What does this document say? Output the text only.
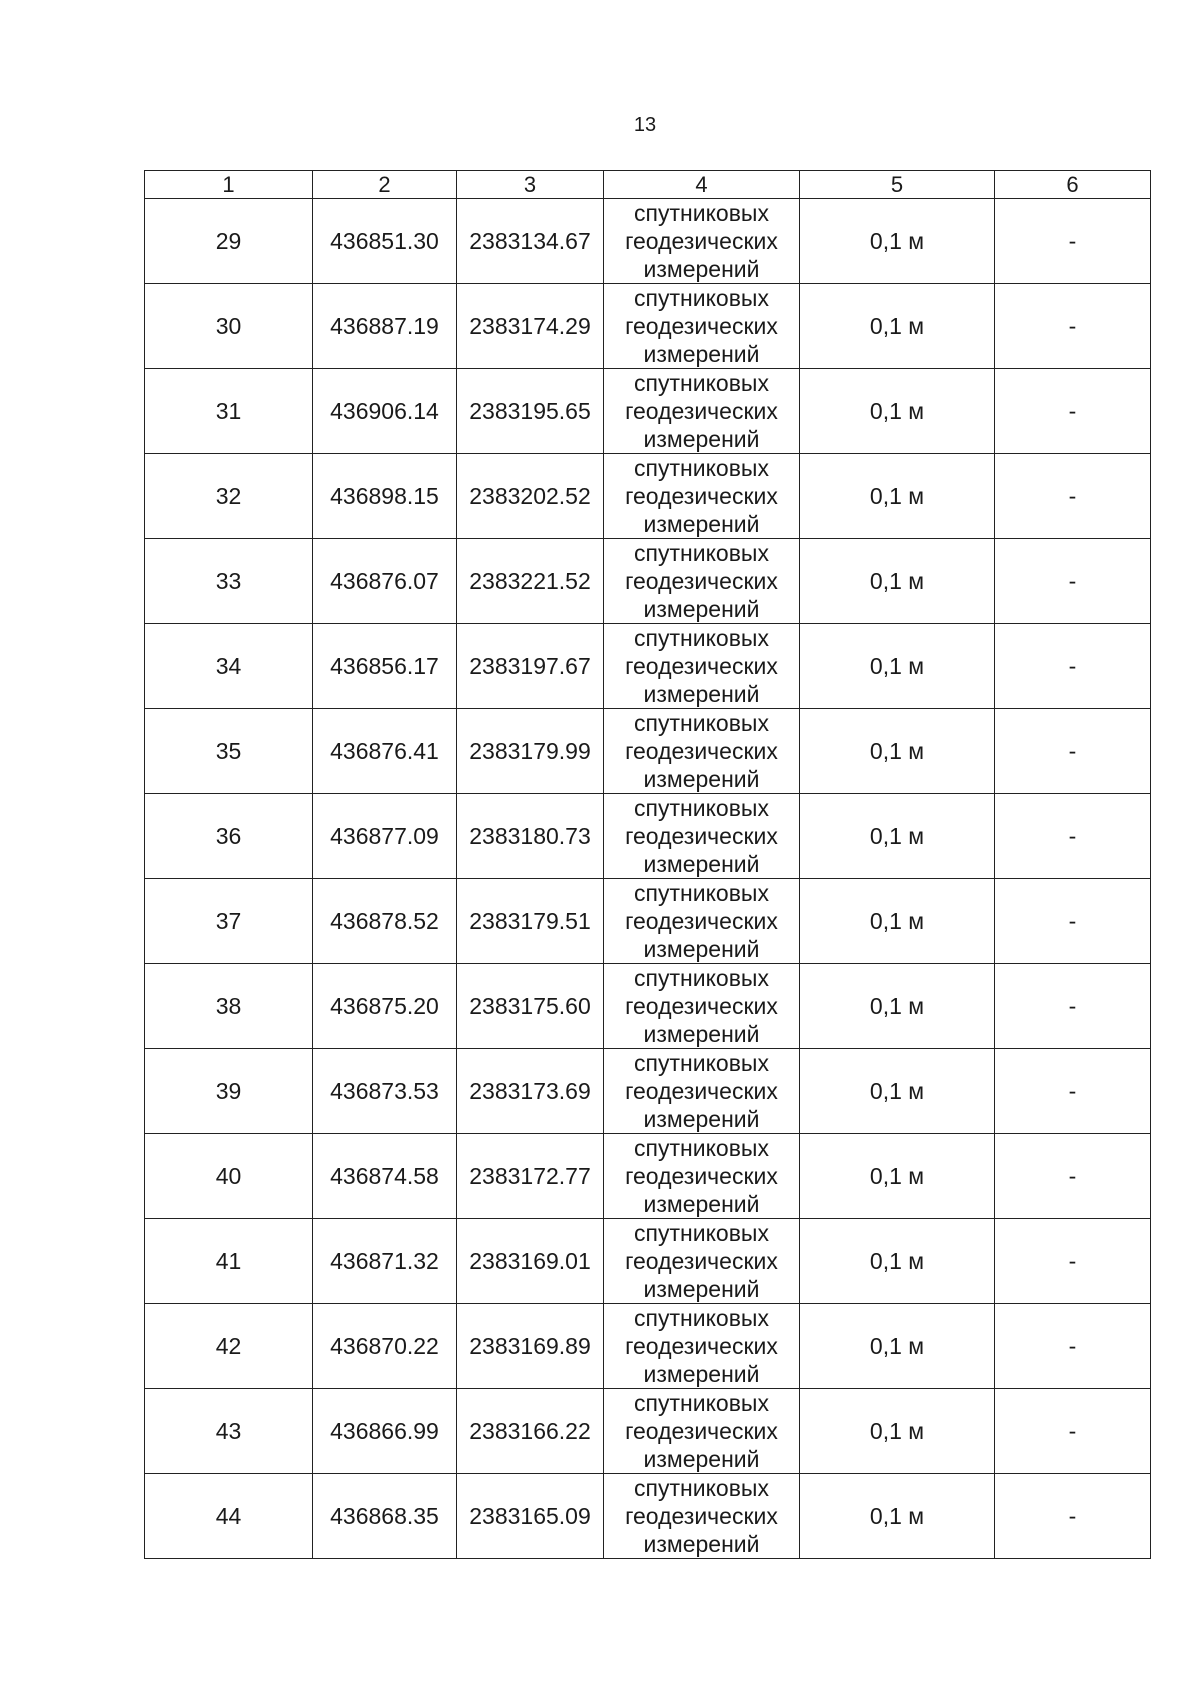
13
1	2	3	4	5	6
29	436851.30	2383134.67	спутниковых
геодезических
измерений	0,1 м	-
30	436887.19	2383174.29	спутниковых
геодезических
измерений	0,1 м	-
31	436906.14	2383195.65	спутниковых
геодезических
измерений	0,1 м	-
32	436898.15	2383202.52	спутниковых
геодезических
измерений	0,1 м	-
33	436876.07	2383221.52	спутниковых
геодезических
измерений	0,1 м	-
34	436856.17	2383197.67	спутниковых
геодезических
измерений	0,1 м	-
35	436876.41	2383179.99	спутниковых
геодезических
измерений	0,1 м	-
36	436877.09	2383180.73	спутниковых
геодезических
измерений	0,1 м	-
37	436878.52	2383179.51	спутниковых
геодезических
измерений	0,1 м	-
38	436875.20	2383175.60	спутниковых
геодезических
измерений	0,1 м	-
39	436873.53	2383173.69	спутниковых
геодезических
измерений	0,1 м	-
40	436874.58	2383172.77	спутниковых
геодезических
измерений	0,1 м	-
41	436871.32	2383169.01	спутниковых
геодезических
измерений	0,1 м	-
42	436870.22	2383169.89	спутниковых
геодезических
измерений	0,1 м	-
43	436866.99	2383166.22	спутниковых
геодезических
измерений	0,1 м	-
44	436868.35	2383165.09	спутниковых
геодезических
измерений	0,1 м	-
